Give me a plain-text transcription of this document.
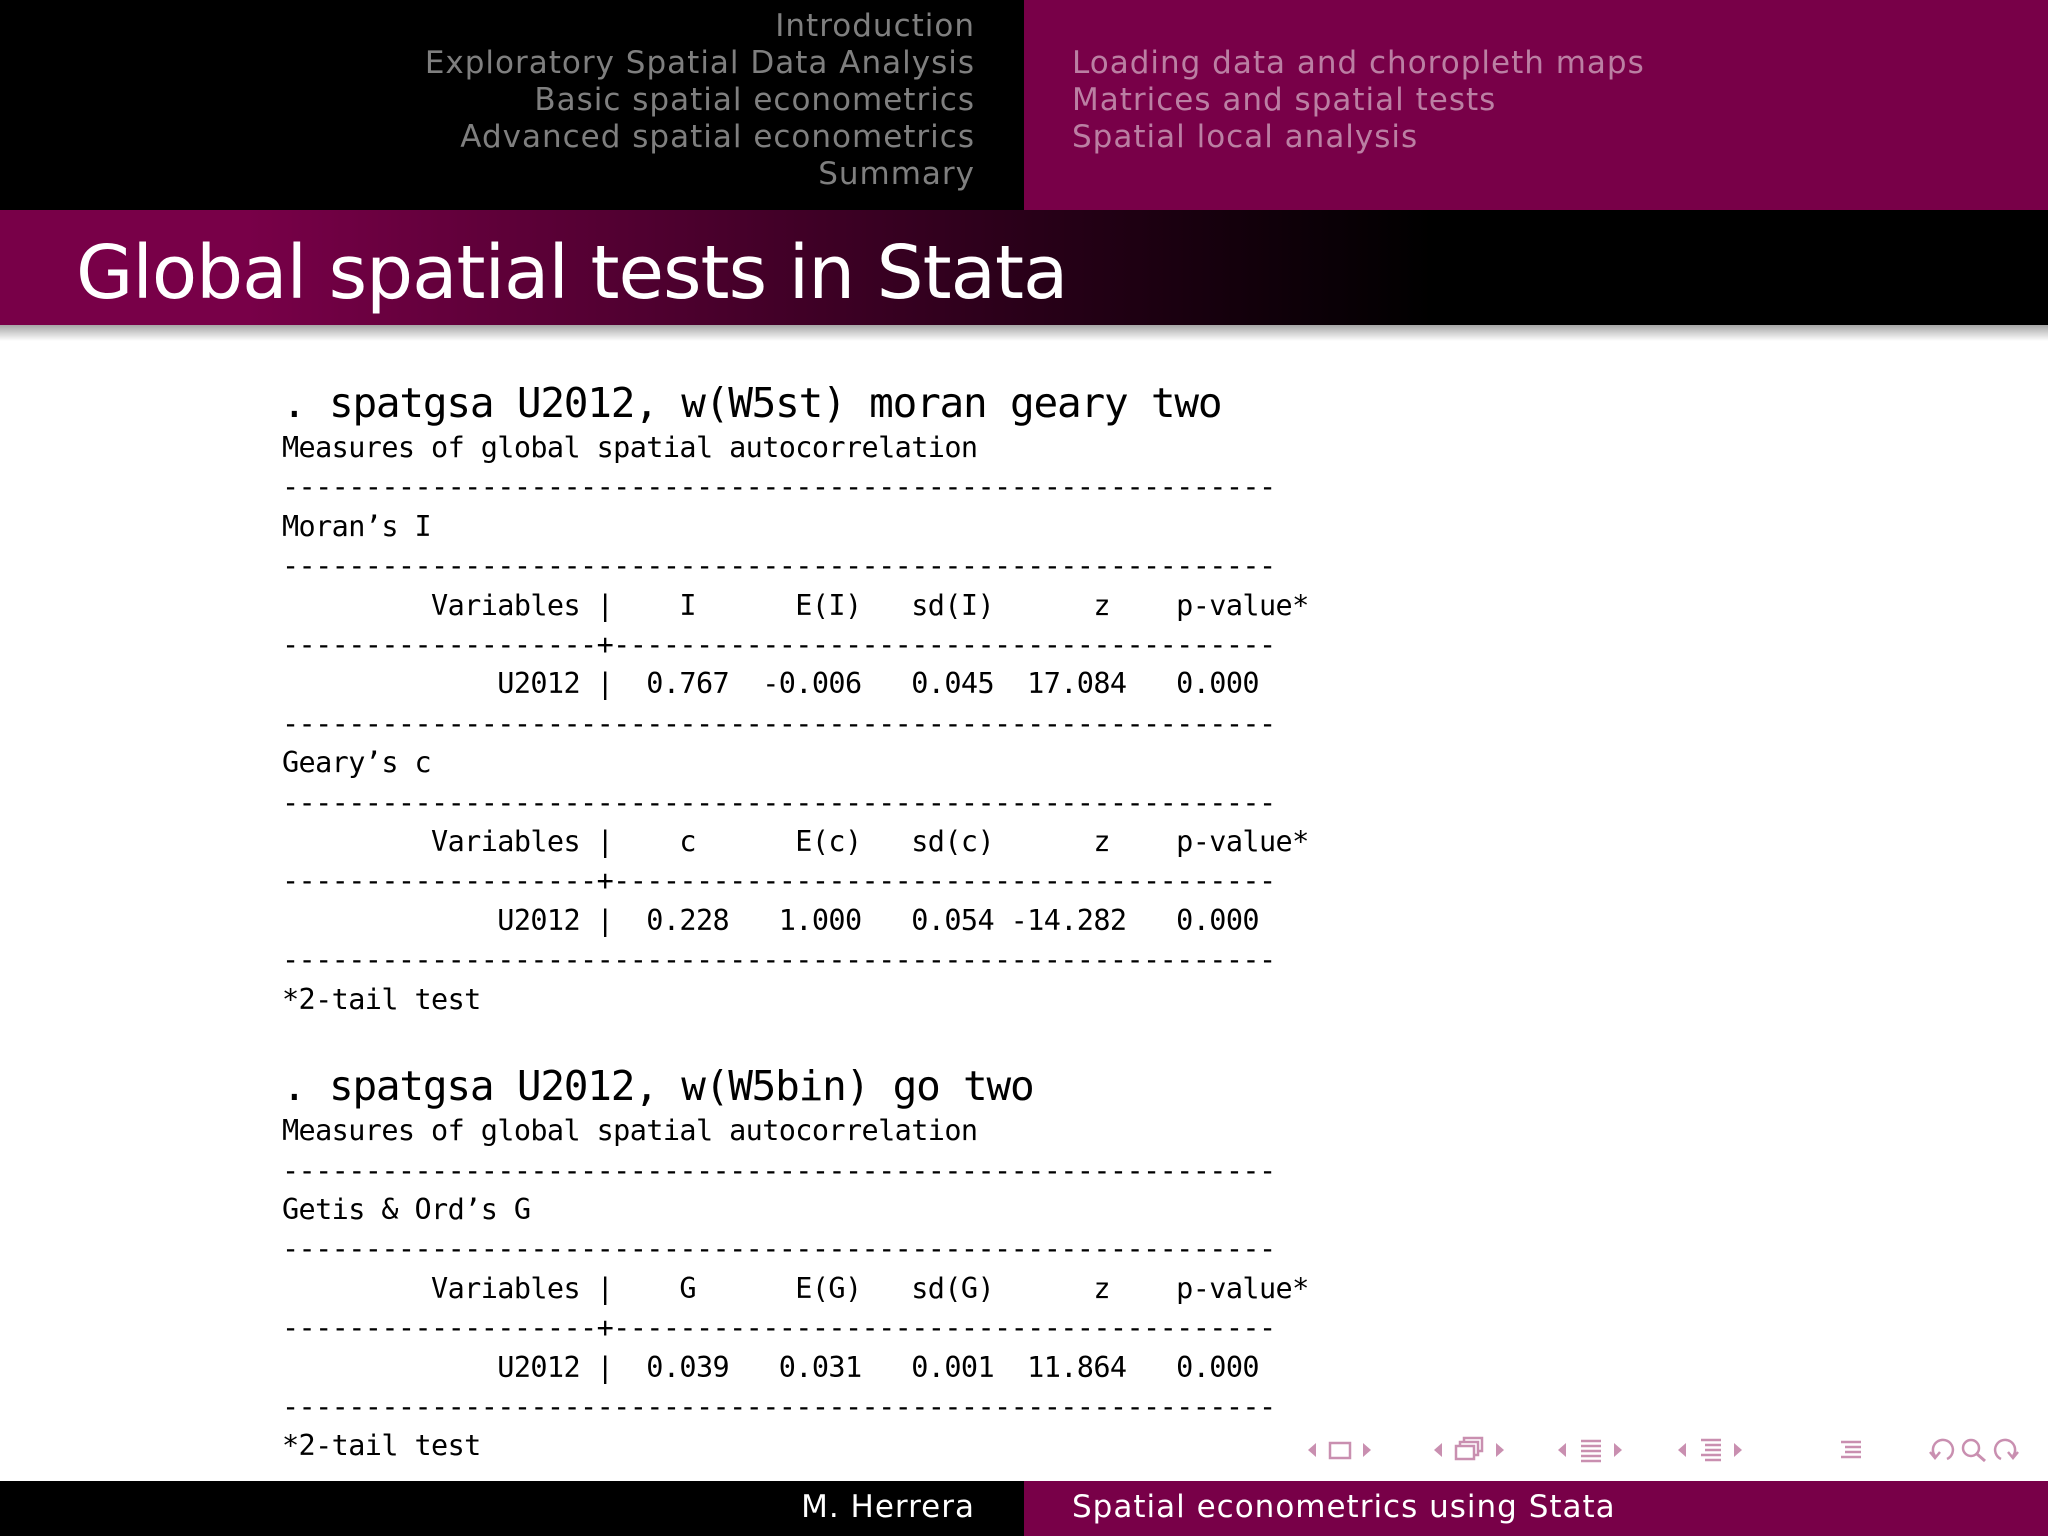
Introduction
Exploratory Spatial Data Analysis
Basic spatial econometrics
Advanced spatial econometrics
Summary
Loading data and choropleth maps
Matrices and spatial tests
Spatial local analysis
Global spatial tests in Stata
. spatgsa U2012, w(W5st) moran geary two
Measures of global spatial autocorrelation
------------------------------------------------------------
Moran’s I
------------------------------------------------------------
Variables |    I      E(I)   sd(I)      z    p-value*
-------------------+----------------------------------------
U2012 |  0.767  -0.006   0.045  17.084   0.000
------------------------------------------------------------
Geary’s c
------------------------------------------------------------
Variables |    c      E(c)   sd(c)      z    p-value*
-------------------+----------------------------------------
U2012 |  0.228   1.000   0.054 -14.282   0.000
------------------------------------------------------------
*2-tail test
. spatgsa U2012, w(W5bin) go two
Measures of global spatial autocorrelation
------------------------------------------------------------
Getis & Ord’s G
------------------------------------------------------------
Variables |    G      E(G)   sd(G)      z    p-value*
-------------------+----------------------------------------
U2012 |  0.039   0.031   0.001  11.864   0.000
------------------------------------------------------------
*2-tail test
M. Herrera	Spatial econometrics using Stata
